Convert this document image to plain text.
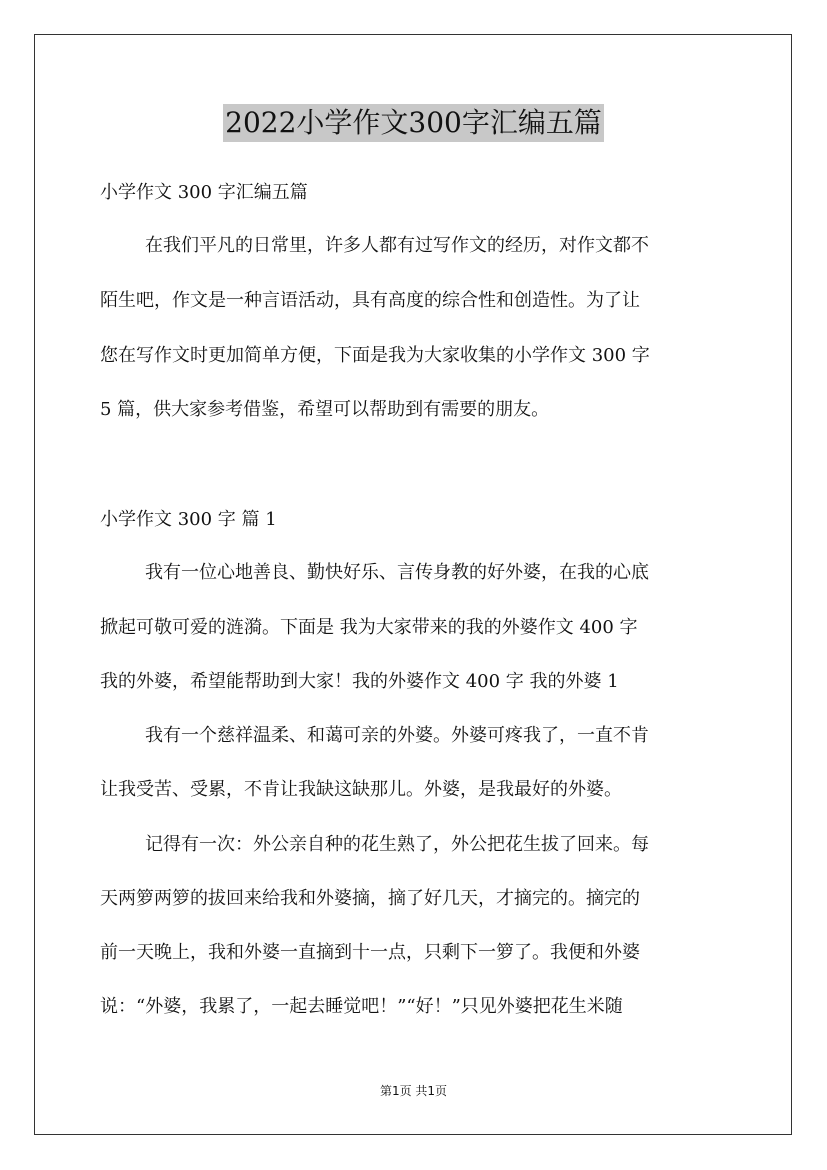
2022小学作文300字汇编五篇
小学作文 300 字汇编五篇
在我们平凡的日常里，许多人都有过写作文的经历，对作文都不
陌生吧，作文是一种言语活动，具有高度的综合性和创造性。为了让
您在写作文时更加简单方便，下面是我为大家收集的小学作文 300 字
5 篇，供大家参考借鉴，希望可以帮助到有需要的朋友。
小学作文 300 字 篇 1
我有一位心地善良、勤快好乐、言传身教的好外婆，在我的心底
掀起可敬可爱的涟漪。下面是 我为大家带来的我的外婆作文 400 字
我的外婆，希望能帮助到大家！我的外婆作文 400 字 我的外婆 1
我有一个慈祥温柔、和蔼可亲的外婆。外婆可疼我了，一直不肯
让我受苦、受累，不肯让我缺这缺那儿。外婆，是我最好的外婆。
记得有一次：外公亲自种的花生熟了，外公把花生拔了回来。每
天两箩两箩的拔回来给我和外婆摘，摘了好几天，才摘完的。摘完的
前一天晚上，我和外婆一直摘到十一点，只剩下一箩了。我便和外婆
说：“外婆，我累了，一起去睡觉吧！”“好！”只见外婆把花生米随
第1页 共1页
